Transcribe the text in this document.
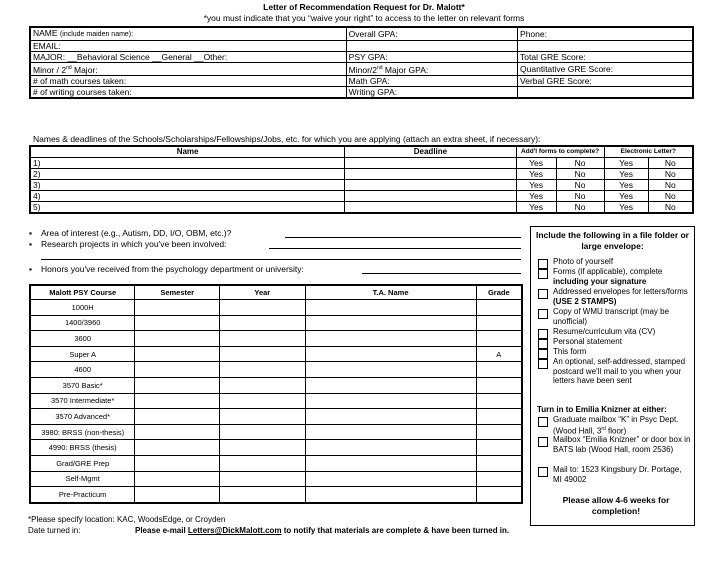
Letter of Recommendation Request for Dr. Malott*
*you must indicate that you “waive your right” to access to the letter on relevant forms
NAME (include maiden name):	Overall GPA:	Phone:
EMAIL:		
MAJOR: __Behavioral Science __General __Other:	PSY GPA:	Total GRE Score:
Minor / 2nd Major:	Minor/2nd Major GPA:	Quantitative GRE Score:
# of math courses taken:	Math GPA:	Verbal GRE Score:
# of writing courses taken:	Writing GPA:	
Names & deadlines of the Schools/Scholarships/Fellowships/Jobs, etc. for which you are applying (attach an extra sheet, if necessary):
Name	Deadline	Add'l forms to complete?		Electronic Letter?	
1)		Yes	No	Yes	No
2)		Yes	No	Yes	No
3)		Yes	No	Yes	No
4)		Yes	No	Yes	No
5)		Yes	No	Yes	No
▪ Area of interest (e.g., Autism, DD, I/O, OBM, etc.)?
▪ Research projects in which you've been involved:
▪ Honors you've received from the psychology department or university:
Malott PSY Course	Semester	Year	T.A. Name	Grade
1000H				
1400/3960				
3600				
Super A				A
4600				
3570 Basic*				
3570 Intermediate*				
3570 Advanced*				
3980: BRSS (non-thesis)				
4990: BRSS (thesis)				
Grad/GRE Prep				
Self-Mgmt				
Pre-Practicum				
Include the following in a file folder or large envelope:
Photo of yourself
Forms (if applicable), complete including your signature
Addressed envelopes for letters/forms (USE 2 STAMPS)
Copy of WMU transcript (may be unofficial)
Resume/curriculum vita (CV)
Personal statement
This form
An optional, self-addressed, stamped postcard we'll mail to you when your letters have been sent
Turn in to Emilia Knizner at either:
Graduate mailbox “K” in Psyc Dept. (Wood Hall, 3rd floor)
Mailbox “Emilia Knizner” or door box in BATS lab (Wood Hall, room 2536)
Mail to: 1523 Kingsbury Dr. Portage, MI 49002
Please allow 4-6 weeks for completion!
*Please specify location: KAC, WoodsEdge, or Croyden
Date turned in:	Please e-mail Letters@DickMalott.com to notify that materials are complete & have been turned in.
